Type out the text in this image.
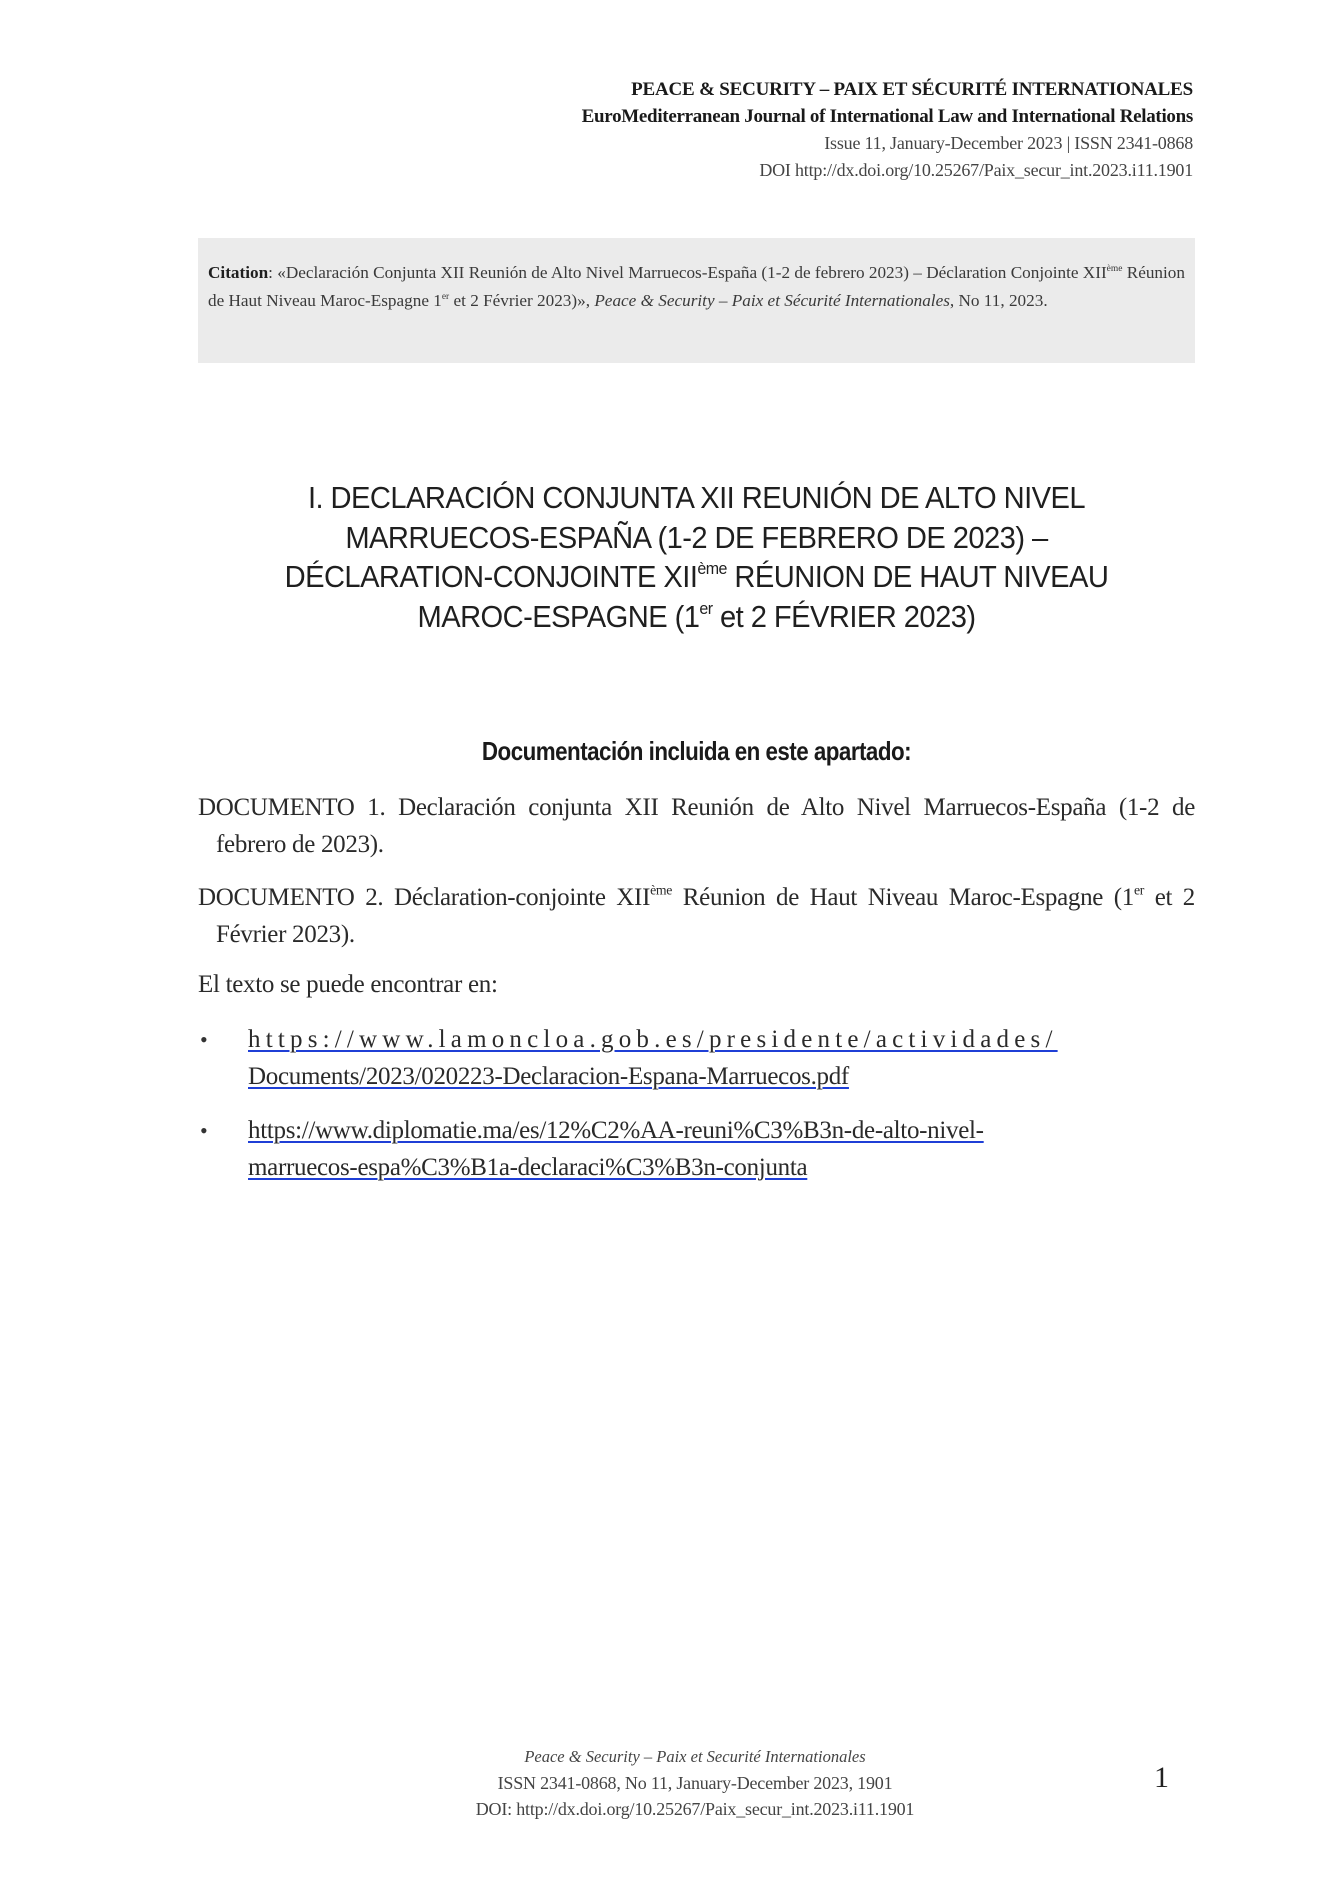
PEACE & SECURITY – PAIX ET SÉCURITÉ INTERNATIONALES
EuroMediterranean Journal of International Law and International Relations
Issue 11, January-December 2023 | ISSN 2341-0868
DOI http://dx.doi.org/10.25267/Paix_secur_int.2023.i11.1901
Citation: «Declaración Conjunta XII Reunión de Alto Nivel Marruecos-España (1-2 de febrero 2023) – Déclaration Conjointe XIIème Réunion de Haut Niveau Maroc-Espagne 1er et 2 Février 2023)», Peace & Security – Paix et Sécurité Internationales, No 11, 2023.
I. DECLARACIÓN CONJUNTA XII REUNIÓN DE ALTO NIVEL
MARRUECOS-ESPAÑA (1-2 DE FEBRERO DE 2023) –
DÉCLARATION-CONJOINTE XIIème RÉUNION DE HAUT NIVEAU
MAROC-ESPAGNE (1er et 2 FÉVRIER 2023)
Documentación incluida en este apartado:
DOCUMENTO 1. Declaración conjunta XII Reunión de Alto Nivel Marruecos-España (1-2 de febrero de 2023).
DOCUMENTO 2. Déclaration-conjointe XIIème Réunion de Haut Niveau Maroc-Espagne (1er et 2 Février 2023).
El texto se puede encontrar en:
• https://www.lamoncloa.gob.es/presidente/actividades/
Documents/2023/020223-Declaracion-Espana-Marruecos.pdf
• https://www.diplomatie.ma/es/12%C2%AA-reuni%C3%B3n-de-alto-nivel-
marruecos-espa%C3%B1a-declaraci%C3%B3n-conjunta
Peace & Security – Paix et Securité Internationales
ISSN 2341-0868, No 11, January-December 2023, 1901
DOI: http://dx.doi.org/10.25267/Paix_secur_int.2023.i11.1901
1
